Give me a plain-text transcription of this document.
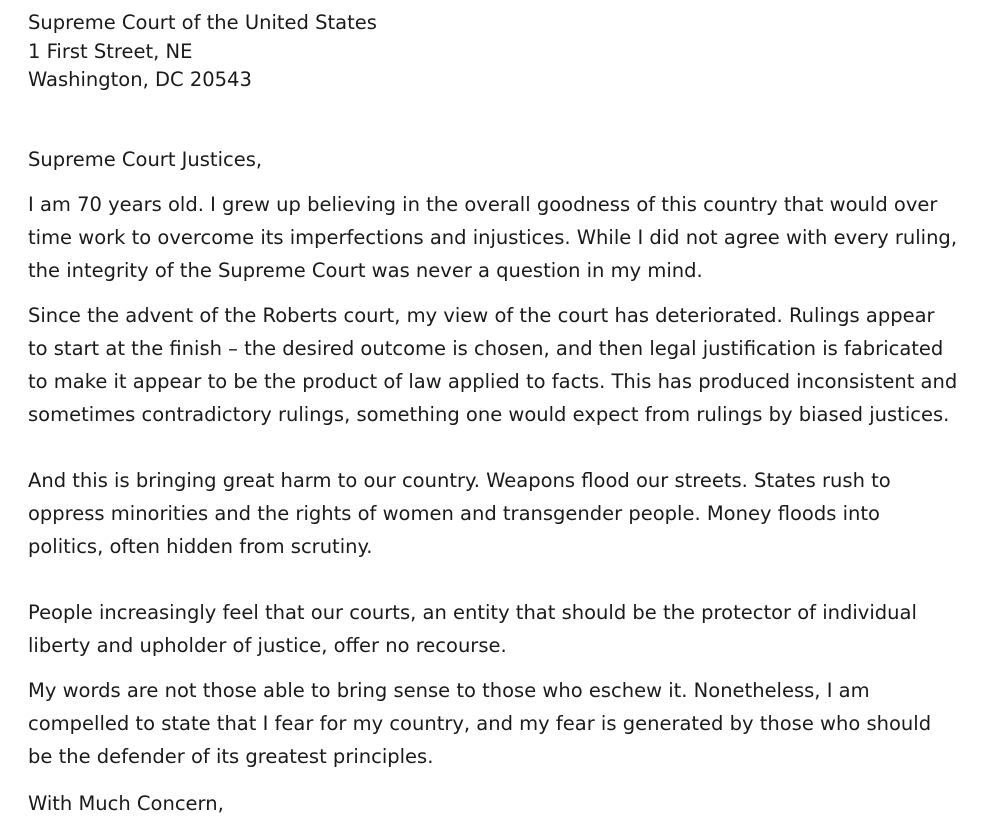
Supreme Court of the United States
1 First Street, NE
Washington, DC 20543

Supreme Court Justices,

I am 70 years old. I grew up believing in the overall goodness of this country that would over time work to overcome its imperfections and injustices. While I did not agree with every ruling, the integrity of the Supreme Court was never a question in my mind.

Since the advent of the Roberts court, my view of the court has deteriorated. Rulings appear to start at the finish – the desired outcome is chosen, and then legal justification is fabricated to make it appear to be the product of law applied to facts. This has produced inconsistent and sometimes contradictory rulings, something one would expect from rulings by biased justices.

And this is bringing great harm to our country. Weapons flood our streets. States rush to oppress minorities and the rights of women and transgender people. Money floods into politics, often hidden from scrutiny.

People increasingly feel that our courts, an entity that should be the protector of individual liberty and upholder of justice, offer no recourse.

My words are not those able to bring sense to those who eschew it. Nonetheless, I am compelled to state that I fear for my country, and my fear is generated by those who should be the defender of its greatest principles.

With Much Concern,
